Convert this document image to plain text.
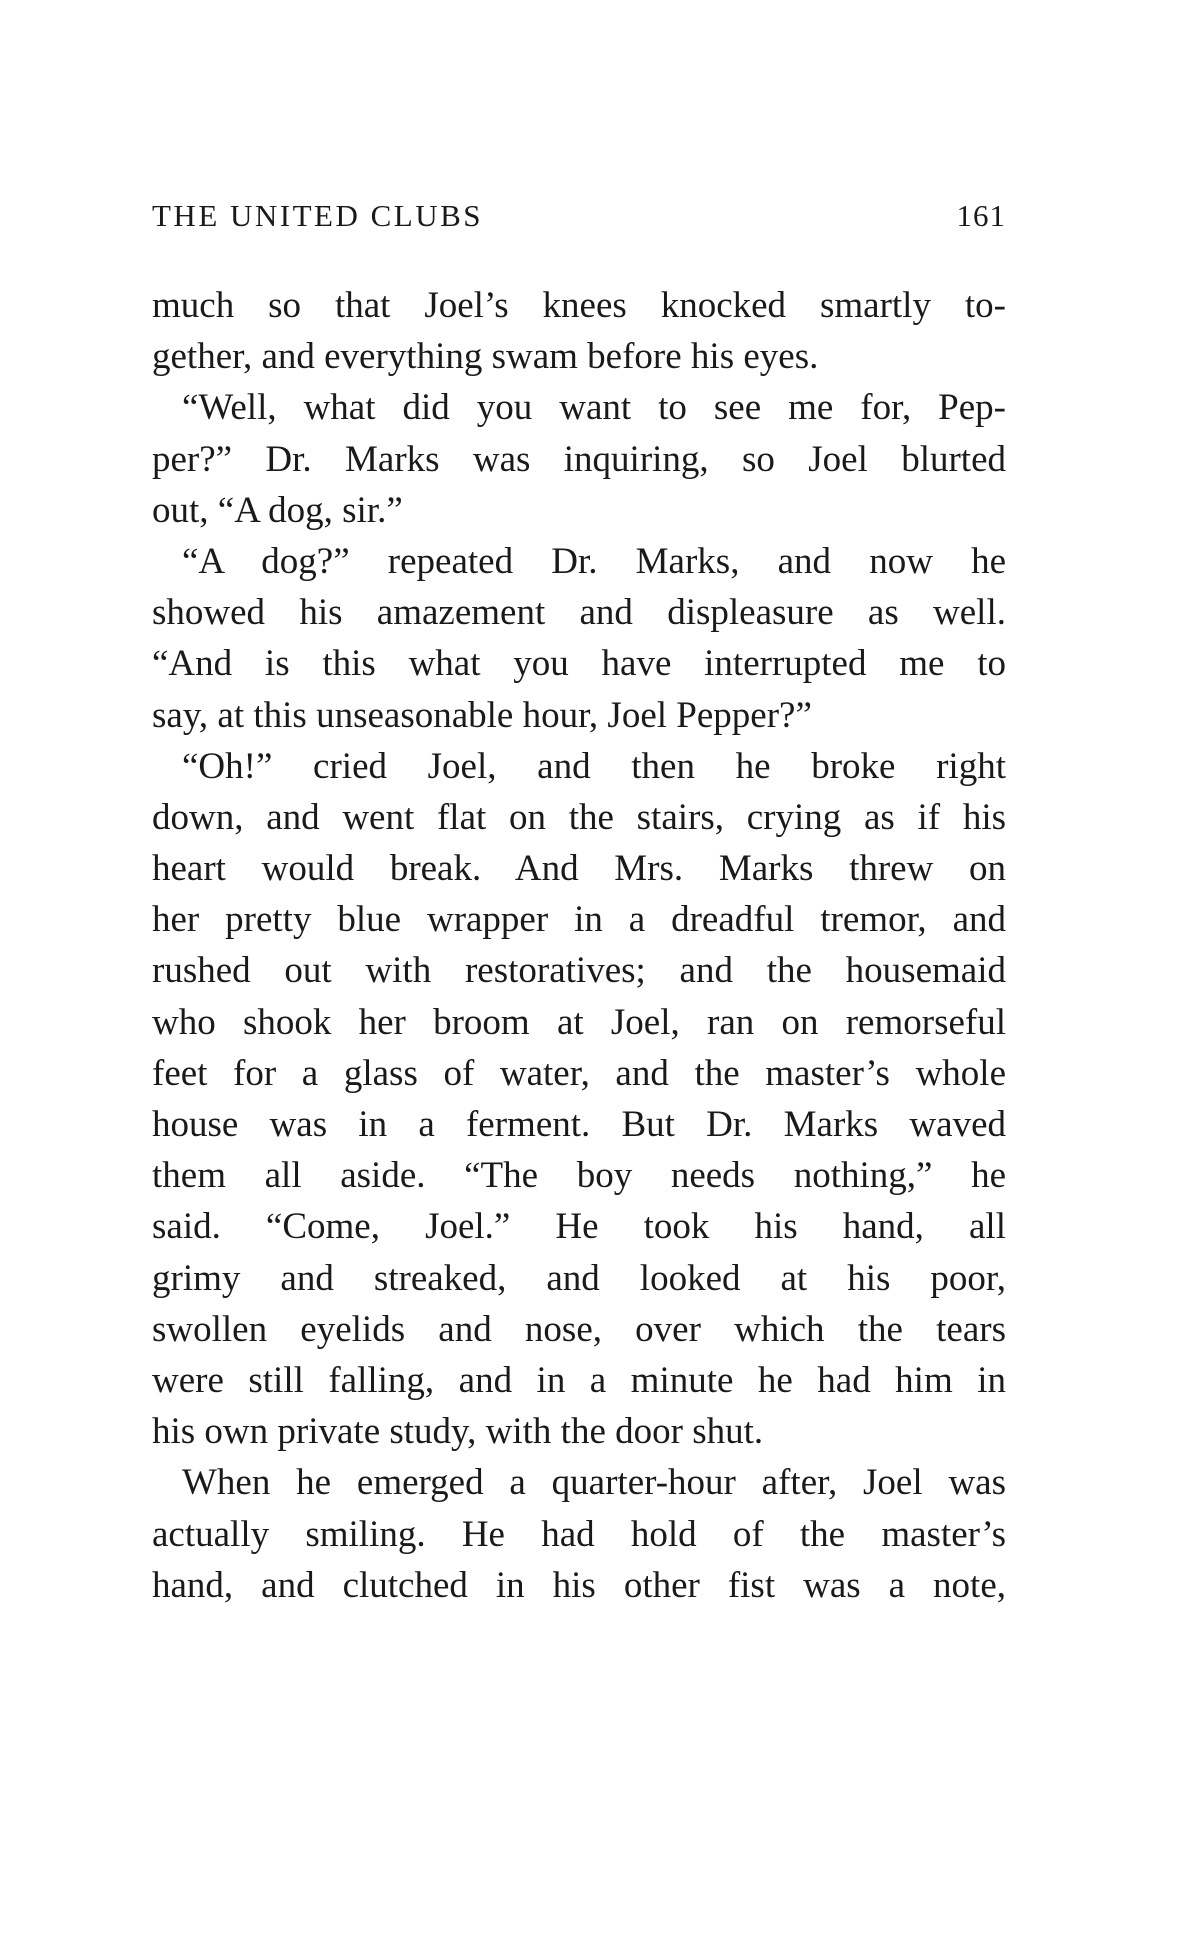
THE UNITED CLUBS	161
much so that Joel’s knees knocked smartly to-
gether, and everything swam before his eyes.
“Well, what did you want to see me for, Pep-
per?” Dr. Marks was inquiring, so Joel blurted
out, “A dog, sir.”
“A dog?” repeated Dr. Marks, and now he
showed his amazement and displeasure as well.
“And is this what you have interrupted me to
say, at this unseasonable hour, Joel Pepper?”
“Oh!” cried Joel, and then he broke right
down, and went flat on the stairs, crying as if his
heart would break. And Mrs. Marks threw on
her pretty blue wrapper in a dreadful tremor, and
rushed out with restoratives; and the housemaid
who shook her broom at Joel, ran on remorseful
feet for a glass of water, and the master’s whole
house was in a ferment. But Dr. Marks waved
them all aside. “The boy needs nothing,” he
said. “Come, Joel.” He took his hand, all
grimy and streaked, and looked at his poor,
swollen eyelids and nose, over which the tears
were still falling, and in a minute he had him in
his own private study, with the door shut.
When he emerged a quarter-hour after, Joel was
actually smiling. He had hold of the master’s
hand, and clutched in his other fist was a note,
